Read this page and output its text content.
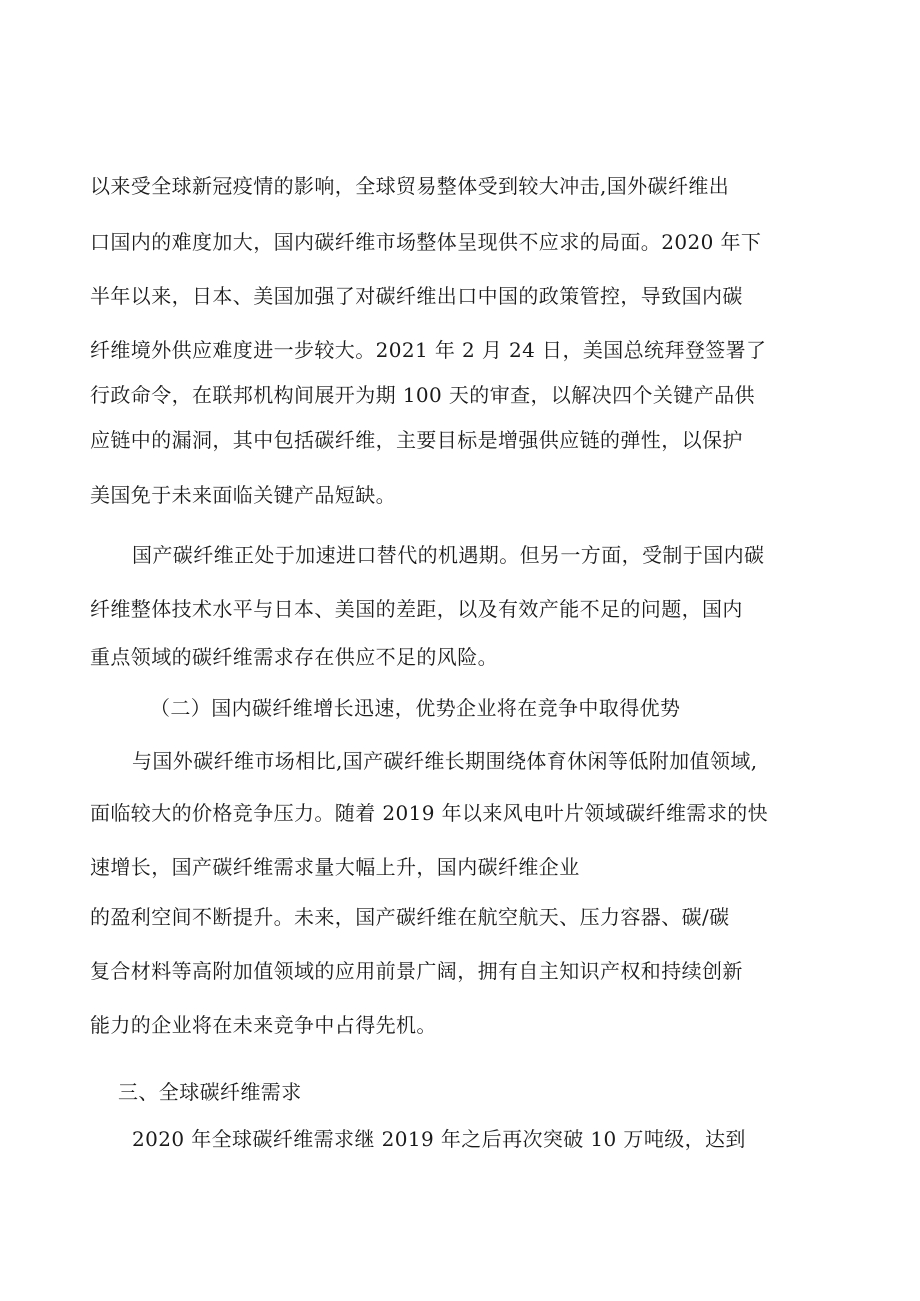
以来受全球新冠疫情的影响，全球贸易整体受到较大冲击,国外碳纤维出
口国内的难度加大，国内碳纤维市场整体呈现供不应求的局面。2020 年下
半年以来，日本、美国加强了对碳纤维出口中国的政策管控，导致国内碳
纤维境外供应难度进一步较大。2021 年 2 月 24 日，美国总统拜登签署了
行政命令，在联邦机构间展开为期 100 天的审查，以解决四个关键产品供
应链中的漏洞，其中包括碳纤维，主要目标是增强供应链的弹性，以保护
美国免于未来面临关键产品短缺。
国产碳纤维正处于加速进口替代的机遇期。但另一方面，受制于国内碳
纤维整体技术水平与日本、美国的差距，以及有效产能不足的问题，国内
重点领域的碳纤维需求存在供应不足的风险。
（二）国内碳纤维增长迅速，优势企业将在竞争中取得优势
与国外碳纤维市场相比,国产碳纤维长期围绕体育休闲等低附加值领域,
面临较大的价格竞争压力。随着 2019 年以来风电叶片领域碳纤维需求的快
速增长，国产碳纤维需求量大幅上升，国内碳纤维企业
的盈利空间不断提升。未来，国产碳纤维在航空航天、压力容器、碳/碳
复合材料等高附加值领域的应用前景广阔，拥有自主知识产权和持续创新
能力的企业将在未来竞争中占得先机。
三、全球碳纤维需求
2020 年全球碳纤维需求继 2019 年之后再次突破 10 万吨级，达到
